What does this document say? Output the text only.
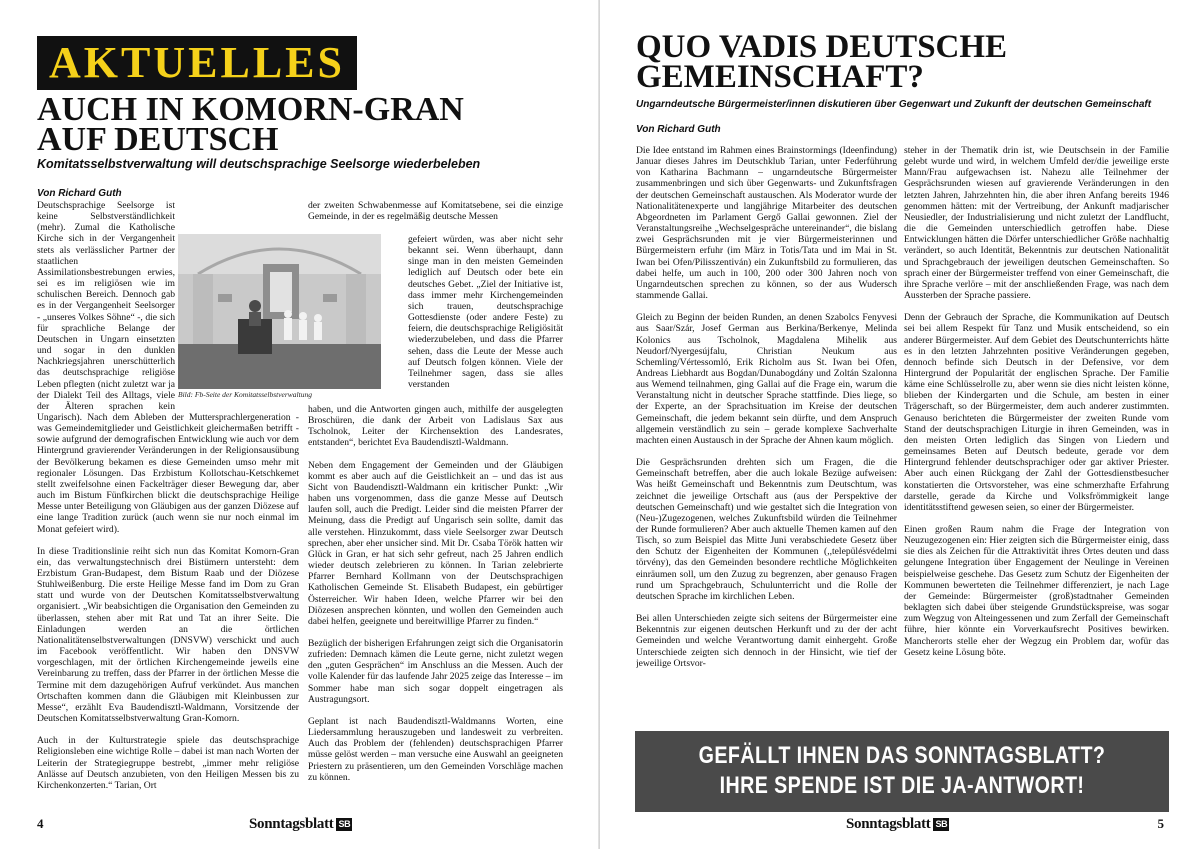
AKTUELLES
AUCH IN KOMORN-GRAN
AUF DEUTSCH
Komitatsselbstverwaltung will deutschsprachige Seelsorge wiederbeleben
Von Richard Guth
Bild: Fb-Seite der Komitatsselbstverwaltung

Deutschsprachige Seelsorge ist keine Selbstverständlichkeit (mehr). Zumal die Katholische Kirche sich in der Vergangenheit stets als verlässlicher Partner der staatlichen Assimilationsbestrebungen erwies, sei es im religiösen wie im schulischen Bereich. Dennoch gab es in der Vergangenheit Seelsorger - „unseres Volkes Söhne“ -, die sich für sprachliche Belange der Deutschen in Ungarn einsetzten und sogar in den dunklen Nachkriegsjahren unerschütterlich das deutschsprachige religiöse Leben pflegten (nicht zuletzt war ja der Dialekt Teil des Alltags, viele der Älteren sprachen kein Ungarisch). Nach dem Ableben der Muttersprachlergeneration - was Gemeindemitglieder und Geistlichkeit gleichermaßen betrifft - sowie aufgrund der demografischen Entwicklung wie auch vor dem Hintergrund gravierender Veränderungen in der Religionsausübung der Bevölkerung bekamen es diese Gemeinden umso mehr mit regionaler Lösungen. Das Erzbistum Kollotschau-Ketschkemet stellt zweifelsohne einen Fackelträger dieser Bewegung dar, aber auch im Bistum Fünfkirchen blickt die deutschsprachige Heilige Messe unter Beteiligung von Gläubigen aus der ganzen Diözese auf eine lange Tradition zurück (auch wenn sie nur noch einmal im Monat gefeiert wird).

In diese Traditionslinie reiht sich nun das Komitat Komorn-Gran ein, das verwaltungstechnisch drei Bistümern untersteht: dem Erzbistum Gran-Budapest, dem Bistum Raab und der Diözese Stuhlweißenburg. Die erste Heilige Messe fand im Dom zu Gran statt und wurde von der Deutschen Komitatsselbstverwaltung organisiert. „Wir beabsichtigen die Organisation den Gemeinden zu überlassen, stehen aber mit Rat und Tat an ihrer Seite. Die Einladungen werden an die örtlichen Nationalitätenselbstverwaltungen (DNSVW) verschickt und auch im Facebook veröffentlicht. Wir haben den DNSVW vorgeschlagen, mit der örtlichen Kirchengemeinde jeweils eine Vereinbarung zu treffen, dass der Pfarrer in der örtlichen Messe die Termine mit dem dazugehörigen Aufruf verkündet. Aus manchen Ortschaften kommen dann die Gläubigen mit Kleinbussen zur Messe“, erzählt Eva Baudendisztl-Waldmann, Vorsitzende der Deutschen Komitatsselbstverwaltung Gran-Komorn.

Auch in der Kulturstrategie spiele das deutschsprachige Religionsleben eine wichtige Rolle – dabei ist man nach Worten der Leiterin der Strategiegruppe bestrebt, „immer mehr religiöse Anlässe auf Deutsch anzubieten, von den Heiligen Messen bis zu Kirchenkonzerten.“ Tarian, Ort

der zweiten Schwabenmesse auf Komitatsebene, sei die einzige Gemeinde, in der es regelmäßig deutsche Messen
gefeiert würden, was aber nicht sehr bekannt sei. Wenn überhaupt, dann singe man in den meisten Gemeinden lediglich auf Deutsch oder bete ein deutsches Gebet. „Ziel der Initiative ist, dass immer mehr Kirchengemeinden sich trauen, deutschsprachige Gottesdienste (oder andere Feste) zu feiern, die deutschsprachige Religiösität wiederzubeleben, und dass die Pfarrer sehen, dass die Leute der Messe auch auf Deutsch folgen können. Viele der Teilnehmer sagen, dass sie alles verstanden

haben, und die Antworten gingen auch, mithilfe der ausgelegten Broschüren, die dank der Arbeit von Ladislaus Sax aus Tscholnok, Leiter der Kirchensektion des Landesrates, entstanden“, berichtet Eva Baudendisztl-Waldmann.

Neben dem Engagement der Gemeinden und der Gläubigen kommt es aber auch auf die Geistlichkeit an – und das ist aus Sicht von Baudendisztl-Waldmann ein kritischer Punkt: „Wir haben uns vorgenommen, dass die ganze Messe auf Deutsch laufen soll, auch die Predigt. Leider sind die meisten Pfarrer der Meinung, dass die Predigt auf Ungarisch sein sollte, damit das alle verstehen. Hinzukommt, dass viele Seelsorger zwar Deutsch sprechen, aber eher unsicher sind. Mit Dr. Csaba Török hatten wir Glück in Gran, er hat sich sehr gefreut, nach 25 Jahren endlich wieder deutsch zelebrieren zu können. In Tarian zelebrierte Pfarrer Bernhard Kollmann von der Deutschsprachigen Katholischen Gemeinde St. Elisabeth Budapest, ein gebürtiger Österreicher. Wir haben Ideen, welche Pfarrer wir bei den Diözesen ansprechen könnten, und wollen den Gemeinden auch dabei helfen, geeignete und bereitwillige Pfarrer zu finden.“

Bezüglich der bisherigen Erfahrungen zeigt sich die Organisatorin zufrieden: Demnach kämen die Leute gerne, nicht zuletzt wegen den „guten Gesprächen“ im Anschluss an die Messen. Auch der volle Kalender für das laufende Jahr 2025 zeige das Interesse – im Sommer habe man sich sogar doppelt eingetragen als Austragungsort.

Geplant ist nach Baudendisztl-Waldmanns Worten, eine Liedersammlung herauszugeben und landesweit zu verbreiten. Auch das Problem der (fehlenden) deutschsprachigen Pfarrer müsse gelöst werden – man versuche eine Auswahl an geeigneten Priestern zu präsentieren, um den Gemeinden Vorschläge machen zu können.

4	Sonntagsblatt SB
QUO VADIS DEUTSCHE
GEMEINSCHAFT?
Ungarndeutsche Bürgermeister/innen diskutieren über Gegenwart und Zukunft der deutschen Gemeinschaft
Von Richard Guth

Die Idee entstand im Rahmen eines Brainstormings (Ideenfindung) Januar dieses Jahres im Deutschklub Tarian, unter Federführung von Katharina Bachmann – ungarndeutsche Bürgermeister zusammenbringen und sich über Gegenwarts- und Zukunftsfragen der deutschen Gemeinschaft austauschen. Als Moderator wurde der Nationalitätenexperte und langjährige Mitarbeiter des deutschen Abgeordneten im Parlament Gergő Gallai gewonnen. Ziel der Veranstaltungsreihe „Wechselgespräche untereinander“, die bislang zwei Gesprächsrunden mit je vier Bürgermeisterinnen und Bürgermeistern erfuhr (im März in Totis/Tata und im Mai in St. Iwan bei Ofen/Pilisszentiván) ein Zukunftsbild zu formulieren, das dabei helfe, um auch in 100, 200 oder 300 Jahren noch von Ungarndeutschen sprechen zu können, so der aus Wudersch stammende Gallai.

Gleich zu Beginn der beiden Runden, an denen Szabolcs Fenyvesi aus Saar/Szár, Josef German aus Berkina/Berkenye, Melinda Kolonics aus Tscholnok, Magdalena Mihelik aus Neudorf/Nyergesújfalu, Christian Neukum aus Schemling/Vértessomló, Erik Richolm aus St. Iwan bei Ofen, Andreas Liebhardt aus Bogdan/Dunabogdány und Zoltán Szalonna aus Wemend teilnahmen, ging Gallai auf die Frage ein, warum die Veranstaltung nicht in deutscher Sprache stattfinde. Dies liege, so der Experte, an der Sprachsituation im Kreise der deutschen Gemeinschaft, die jedem bekannt sein dürfte, und dem Anspruch allgemein verständlich zu sein – gerade komplexe Sachverhalte machten einen Austausch in der Sprache der Ahnen kaum möglich.

Die Gesprächsrunden drehten sich um Fragen, die die Gemeinschaft betreffen, aber die auch lokale Bezüge aufweisen: Was heißt Gemeinschaft und Bekenntnis zum Deutschtum, was zeichnet die jeweilige Ortschaft aus (aus der Perspektive der deutschen Gemeinschaft) und wie gestaltet sich die Integration von (Neu-)Zugezogenen, welches Zukunftsbild würden die Teilnehmer der Runde formulieren? Aber auch aktuelle Themen kamen auf den Tisch, so zum Beispiel das Mitte Juni verabschiedete Gesetz über den Schutz der Eigenheiten der Kommunen (,,településvédelmi törvény), das den Gemeinden besondere rechtliche Möglichkeiten einräumen soll, um den Zuzug zu begrenzen, aber genauso Fragen rund um Sprachgebrauch, Schulunterricht und die Rolle der deutschen Sprache im kirchlichen Leben.

Bei allen Unterschieden zeigte sich seitens der Bürgermeister eine Bekenntnis zur eigenen deutschen Herkunft und zu der der acht Gemeinden und welche Verantwortung damit einhergeht. Große Unterschiede zeigten sich dennoch in der Hinsicht, wie tief der jeweilige Ortsvor-

steher in der Thematik drin ist, wie Deutschsein in der Familie gelebt wurde und wird, in welchem Umfeld der/die jeweilige erste Mann/Frau aufgewachsen ist. Nahezu alle Teilnehmer der Gesprächsrunden wiesen auf gravierende Veränderungen in den letzten Jahren, Jahrzehnten hin, die aber ihren Anfang bereits 1946 genommen hätten: mit der Vertreibung, der Ankunft madjarischer Neusiedler, der Industrialisierung und nicht zuletzt der Landflucht, die die Gemeinden unterschiedlich getroffen habe. Diese Entwicklungen hätten die Dörfer unterschiedlicher Größe nachhaltig verändert, so auch Identität, Bekenntnis zur deutschen Nationalität und Sprachgebrauch der jeweiligen deutschen Gemeinschaften. So sprach einer der Bürgermeister treffend von einer Gemeinschaft, die ihre Sprache verlöre – mit der anschließenden Frage, was nach dem Aussterben der Sprache passiere.

Denn der Gebrauch der Sprache, die Kommunikation auf Deutsch sei bei allem Respekt für Tanz und Musik entscheidend, so ein anderer Bürgermeister. Auf dem Gebiet des Deutschunterrichts hätte es in den letzten Jahrzehnten positive Veränderungen gegeben, dennoch befinde sich Deutsch in der Defensive, vor dem Hintergrund der Popularität der englischen Sprache. Der Familie käme eine Schlüsselrolle zu, aber wenn sie dies nicht leisten könne, blieben der Kindergarten und die Schule, am besten in einer Trägerschaft, so der Bürgermeister, dem auch anderer zustimmten. Genauso berichteten die Bürgermeister der zweiten Runde vom Stand der deutschsprachigen Liturgie in ihren Gemeinden, was in den meisten Orten lediglich das Singen von Liedern und gemeinsames Beten auf Deutsch bedeute, gerade vor dem Hintergrund fehlender deutschsprachiger oder gar aktiver Priester. Aber auch einen Rückgang der Zahl der Gottesdienstbesucher konstatierten die Ortsvorsteher, was eine schmerzhafte Erfahrung darstelle, gerade da Kirche und Volksfrömmigkeit lange identitätsstiftend gewesen seien, so einer der Bürgermeister.

Einen großen Raum nahm die Frage der Integration von Neuzugezogenen ein: Hier zeigten sich die Bürgermeister einig, dass sie dies als Zeichen für die Attraktivität ihres Ortes deuten und dass gelungene Integration über Engagement der Neulinge in Vereinen beispielweise geschehe. Das Gesetz zum Schutz der Eigenheiten der Kommunen bewerteten die Teilnehmer differenziert, je nach Lage der Gemeinde: Bürgermeister (groß)stadtnaher Gemeinden beklagten sich dabei über steigende Grundstückspreise, was sogar zum Wegzug von Alteingessenen und zum Zerfall der Gemeinschaft führe, hier könnte ein Vorverkaufsrecht Positives bewirken. Mancherorts stelle eher der Wegzug ein Problem dar, wofür das Gesetz keine Lösung böte.

5
Sonntagsblatt SB
GEFÄLLT IHNEN DAS SONNTAGSBLATT?
IHRE SPENDE IST DIE JA-ANTWORT!
